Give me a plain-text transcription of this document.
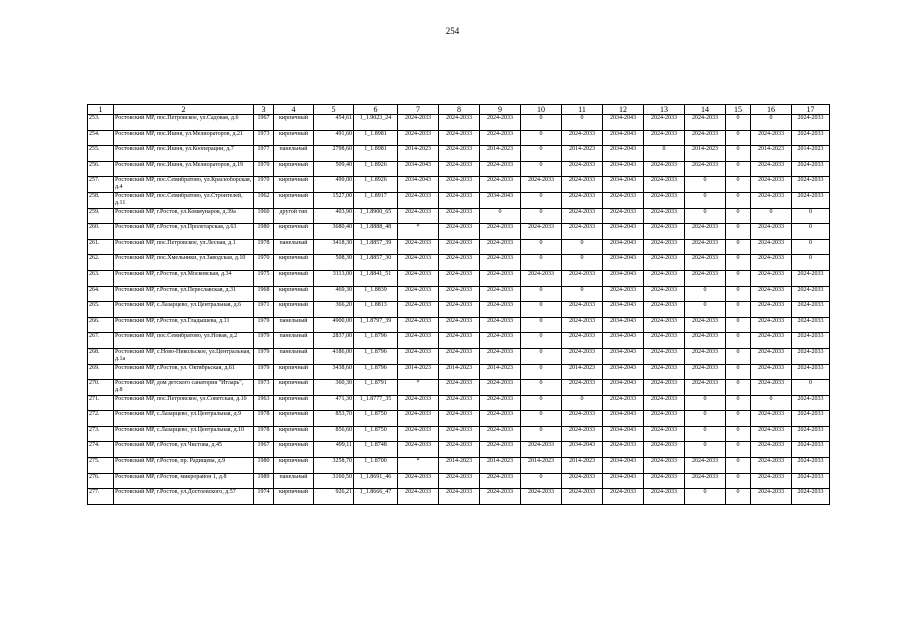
254
1	2	3	4	5	6	7	8	9	10	11	12	13	14	15	16	17
253.	Ростовский МР, пос.Петровское, ул.Садовая, д.6	1967	кирпичный	454,61	1_1.9023_24	2024-2033	2024-2033	2024-2033	0	0	2034-2043	2024-2033	2024-2033	0	0	2024-2033
254.	Ростовский МР, пос.Ишня, ул.Мелиораторов, д.21	1973	кирпичный	491,60	1_1.8981	2024-2033	2024-2033	2024-2033	0	2024-2033	2034-2043	2024-2033	2024-2033	0	2024-2033	2024-2033
255.	Ростовский МР, пос.Ишня, ул.Кооперации, д.7	1977	панельный	2798,60	1_1.8981	2014-2023	2024-2033	2014-2023	0	2014-2023	2034-2043	0	2014-2023	0	2014-2023	2014-2023
256.	Ростовский МР, пос.Ишня, ул.Мелиораторов, д.19	1970	кирпичный	509,40	1_1.8926	2034-2043	2024-2033	2024-2033	0	2024-2033	2034-2043	2024-2033	2024-2033	0	2024-2033	2024-2033
257.	Ростовский МР, пос.Семибратово, ул.Красноборская, д.4	1970	кирпичный	499,00	1_1.8926	2034-2043	2024-2033	2024-2033	2024-2033	2024-2033	2034-2043	2024-2033	0	0	2024-2033	2024-2033
258.	Ростовский МР, пос.Семибратово, ул.Строителей, д.11	1962	кирпичный	1527,00	1_1.8917	2024-2033	2024-2033	2034-2043	0	2024-2033	2024-2033	2024-2033	0	0	2024-2033	2024-2033
259.	Ростовский МР, г.Ростов, ул.Коммунаров, д.39а	1960	другой тип	403,90	1_1.8900_65	2024-2033	2024-2033	0	0	2024-2033	2024-2033	2024-2033	0	0	0	0
260.	Ростовский МР, г.Ростов, ул.Пролетарская, д.63	1980	кирпичный	3680,40	1_1.8888_48	*	2024-2033	2024-2033	2024-2033	2024-2033	2034-2043	2024-2033	2024-2033	0	2024-2033	0
261.	Ростовский МР, пос.Петровское, ул.Лесная, д.1	1978	панельный	3418,30	1_1.8857_39	2024-2033	2024-2033	2024-2033	0	0	2034-2043	2024-2033	2024-2033	0	2024-2033	0
262.	Ростовский МР, пос.Хмельники, ул.Заводская, д.10	1970	кирпичный	508,30	1_1.8857_30	2024-2033	2024-2033	2024-2033	0	0	2034-2043	2024-2033	2024-2033	0	2024-2033	0
263.	Ростовский МР, г.Ростов, ул.Московская, д.34	1975	кирпичный	3113,00	1_1.8841_51	2024-2033	2024-2033	2024-2033	2024-2033	2024-2033	2034-2043	2024-2033	2024-2033	0	2024-2033	2024-2033
264.	Ростовский МР, г.Ростов, ул.Переславская, д.31	1968	кирпичный	469,30	1_1.8839	2024-2033	2024-2033	2024-2033	0	0	2024-2033	2024-2033	0	0	2024-2033	2024-2033
265.	Ростовский МР, с.Лазарцево, ул.Центральная, д.6	1971	кирпичный	366,20	1_1.8813	2024-2033	2024-2033	2024-2033	0	2024-2033	2034-2043	2024-2033	0	0	2024-2033	2024-2033
266.	Ростовский МР, г.Ростов, ул.Гладышева, д.11	1979	панельный	4900,00	1_1.8797_39	2024-2033	2024-2033	2024-2033	0	2024-2033	2034-2043	2024-2033	2024-2033	0	2024-2033	2024-2033
267.	Ростовский МР, пос.Семибратово, ул.Новая, д.2	1979	панельный	2837,00	1_1.8796	2024-2033	2024-2033	2024-2033	0	2024-2033	2034-2043	2024-2033	2024-2033	0	2024-2033	2024-2033
268.	Ростовский МР, с.Ново-Никольское, ул.Центральная, д.1а	1979	панельный	4186,00	1_1.8796	2024-2033	2024-2033	2024-2033	0	2024-2033	2034-2043	2024-2033	2024-2033	0	2024-2033	2024-2033
269.	Ростовский МР, г.Ростов, ул. Октябрьская, д.61	1979	кирпичный	3438,60	1_1.8796	2014-2023	2014-2023	2014-2023	0	2014-2023	2034-2043	2024-2033	2024-2033	0	2024-2033	2024-2033
270.	Ростовский МР, дом детского санатория "Итларь", д.8	1973	кирпичный	360,30	1_1.8791	*	2024-2033	2024-2033	0	2024-2033	2034-2043	2024-2033	2024-2033	0	2024-2033	0
271.	Ростовский МР, пос.Петровское, ул.Советская, д.10	1963	кирпичный	471,30	1_1.8777_35	2024-2033	2024-2033	2024-2033	0	0	2024-2033	2024-2033	0	0	0	2024-2033
272.	Ростовский МР, с.Лазарцево, ул.Центральная, д.9	1978	кирпичный	853,70	1_1.8750	2024-2033	2024-2033	2024-2033	0	2024-2033	2034-2043	2024-2033	0	0	2024-2033	2024-2033
273.	Ростовский МР, с.Лазарцево, ул.Центральная, д.10	1978	кирпичный	856,60	1_1.8750	2024-2033	2024-2033	2024-2033	0	2024-2033	2034-2043	2024-2033	0	0	2024-2033	2024-2033
274.	Ростовский МР, г.Ростов, ул.Чистова, д.45	1967	кирпичный	499,11	1_1.8748	2024-2033	2024-2033	2024-2033	2024-2033	2034-2043	2024-2033	2024-2033	0	0	2024-2033	2024-2033
275.	Ростовский МР, г.Ростов, пр. Радищева, д.9	1980	кирпичный	3258,70	1_1.8700	*	2014-2023	2014-2023	2014-2023	2014-2023	2034-2043	2024-2033	2024-2033	0	2024-2033	2024-2033
276.	Ростовский МР, г.Ростов, микрорайон 1, д.8	1989	панельный	3160,50	1_1.8691_46	2024-2033	2024-2033	2024-2033	0	2024-2033	2034-2043	2024-2033	2024-2033	0	2024-2033	2024-2033
277.	Ростовский МР, г.Ростов, ул.Достоевского, д.57	1974	кирпичный	926,21	1_1.8666_47	2024-2033	2024-2033	2024-2033	2024-2033	2024-2033	2024-2033	2024-2033	0	0	2024-2033	2024-2033
